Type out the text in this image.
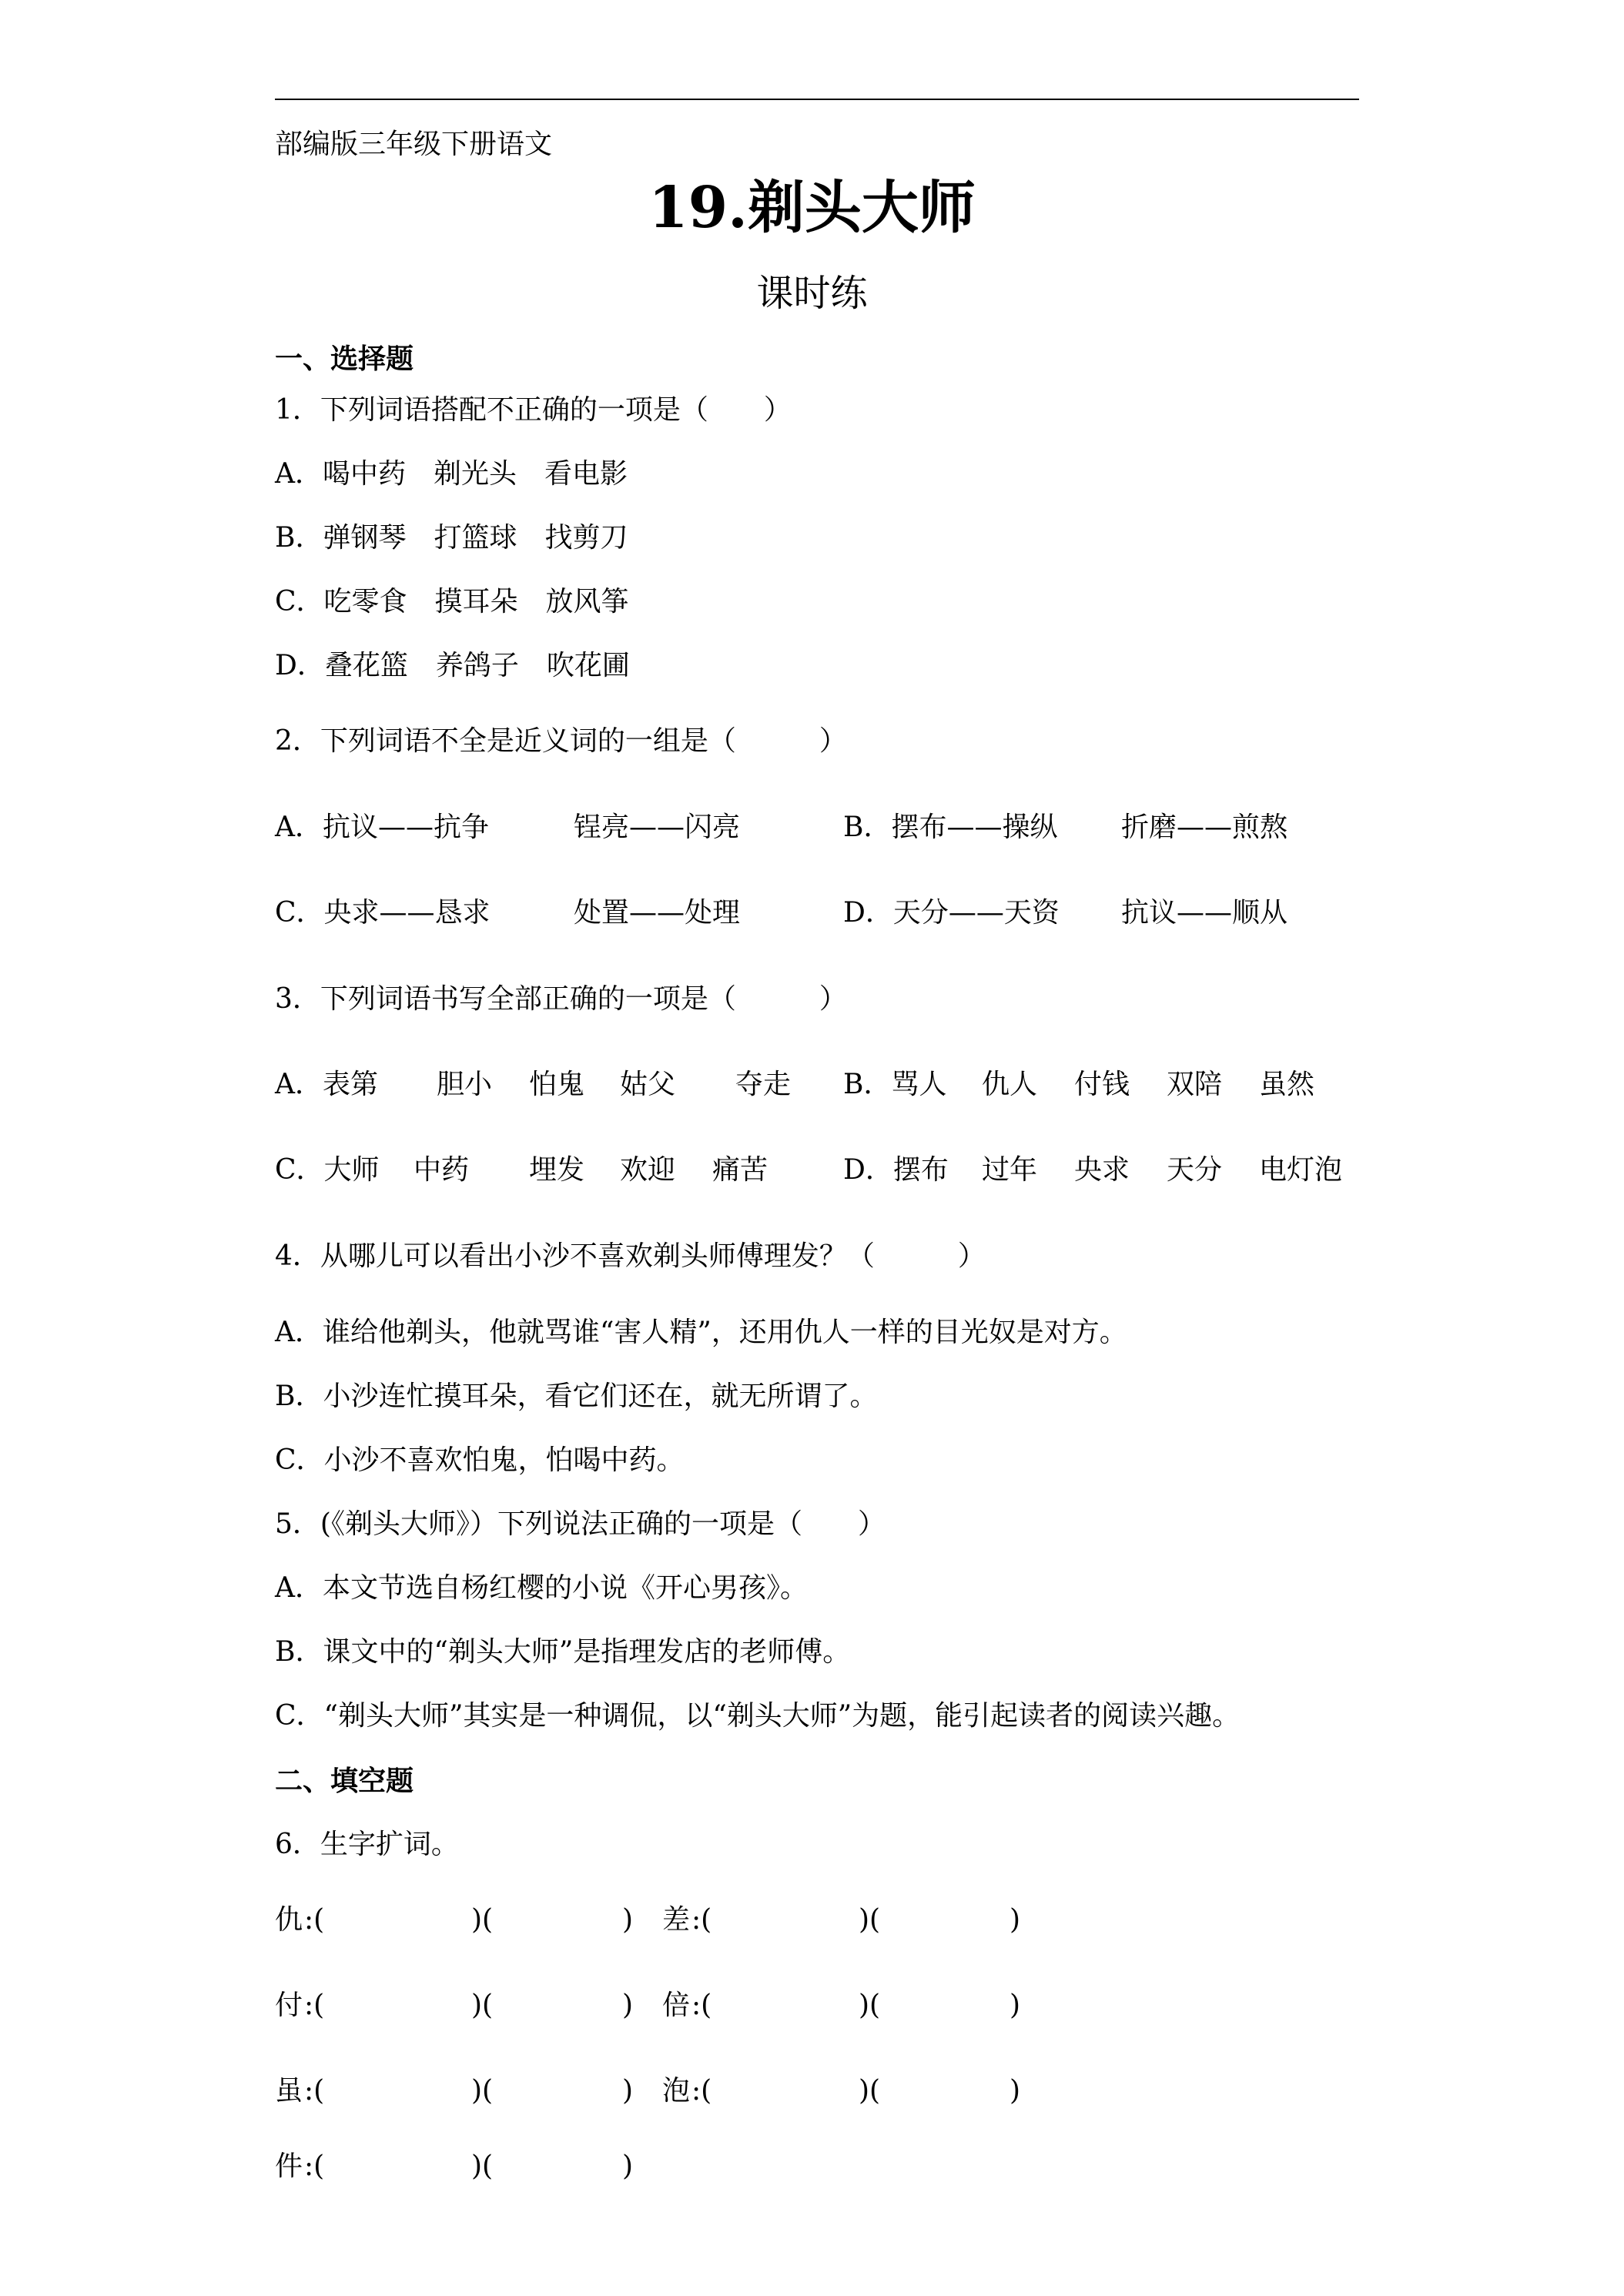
部编版三年级下册语文
19.剃头大师
课时练
一、选择题
1．下列词语搭配不正确的一项是（　　）
A．喝中药　剃光头　看电影
B．弹钢琴　打篮球　找剪刀
C．吃零食　摸耳朵　放风筝
D．叠花篮　养鸽子　吹花圃
2．下列词语不全是近义词的一组是（　　　）
A．抗议——抗争	锃亮——闪亮	B．摆布——操纵 折磨——煎熬
C．央求——恳求	处置——处理	D．天分——天资 抗议——顺从
3．下列词语书写全部正确的一项是（　　　）
A．表第 胆小 怕鬼 姑父 夺走 B．骂人 仇人 付钱 双陪 虽然
C．大师 中药 埋发 欢迎 痛苦	D．摆布 过年 央求 天分 电灯泡
4．从哪儿可以看出小沙不喜欢剃头师傅理发？（　　　）
A．谁给他剃头，他就骂谁“害人精”，还用仇人一样的目光奴是对方。
B．小沙连忙摸耳朵，看它们还在，就无所谓了。
C．小沙不喜欢怕鬼，怕喝中药。
5．(《剃头大师》）下列说法正确的一项是（　　）
A．本文节选自杨红樱的小说《开心男孩》。
B．课文中的“剃头大师”是指理发店的老师傅。
C．“剃头大师”其实是一种调侃，以“剃头大师”为题，能引起读者的阅读兴趣。
二、填空题
6．生字扩词。
仇 :(	)(	) 差 :(	)(	)
付 :(	)(	) 倍 :(	)(	)
虽 :(	)(	) 泡 :(	)(	)
件 :(	)(	)
